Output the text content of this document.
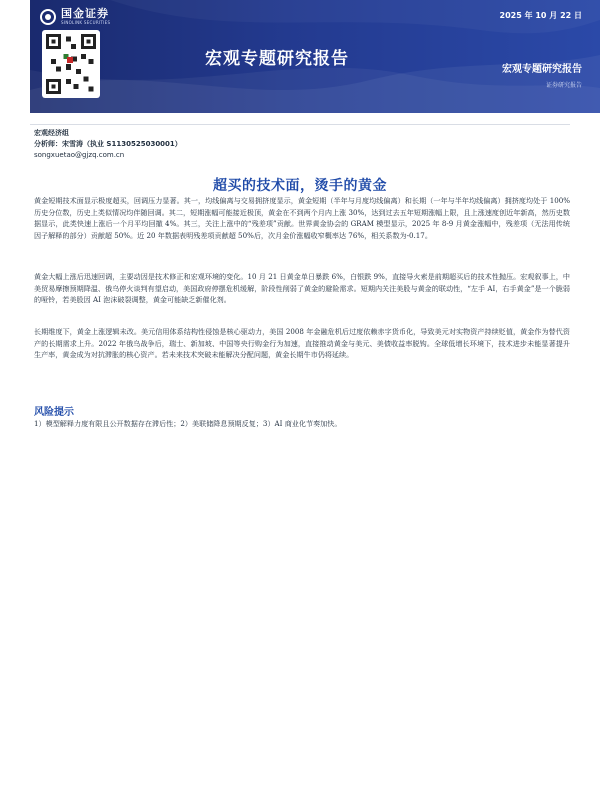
国金证券
SINOLINK SECURITIES
2025 年 10 月 22 日
宏观专题研究报告
宏观专题研究报告
证券研究报告
宏观经济组
分析师：宋雪涛（执业 S1130525030001）
songxuetao@gjzq.com.cn
超买的技术面，烫手的黄金

黄金短期技术面显示极度超买，回调压力显著。其一，均线偏离与交易拥挤度显示，黄金短期（半年与月度均线偏离）和长期（一年与半年均线偏离）拥挤度均处于 100%历史分位数，历史上类似情况均伴随回调。其二，短期涨幅可能接近极顶，黄金在不到两个月内上涨 30%，达到过去五年短期涨幅上限，且上涨速度创近年新高，然历史数据显示，此类快速上涨后一个月平均回撤 4%。其三，关注上涨中的“残差项”贡献。世界黄金协会的 GRAM 模型显示，2025 年 8-9 月黄金涨幅中，残差项（无法用传统因子解释的部分）贡献超 50%。近 20 年数据表明残差项贡献超 50%后，次月金价涨幅收窄概率达 76%，相关系数为-0.17。

黄金大幅上涨后迅速回调，主要动因是技术修正和宏观环境的变化。10 月 21 日黄金单日暴跌 6%，白银跌 9%，直接导火索是前期超买后的技术性抛压。宏观叙事上，中美贸易摩擦预期降温、俄乌停火谈判有望启动，美国政府停摆危机缓解，阶段性削弱了黄金的避险需求。短期内关注美股与黄金的联动性，“左手 AI，右手黄金”是一个脆弱的哑铃，若美股因 AI 泡沫破裂调整，黄金可能缺乏新催化剂。

长期维度下，黄金上涨逻辑未改。美元信用体系结构性侵蚀是核心驱动力，美国 2008 年金融危机后过度依赖赤字货币化，导致美元对实物资产持续贬值，黄金作为替代资产的长期需求上升。2022 年俄乌战争后，瑞士、新加坡、中国等央行购金行为加速，直接推动黄金与美元、美债收益率脱钩。全球低增长环境下，技术进步未能显著提升生产率，黄金成为对抗滞胀的核心资产。若未来技术突破未能解决分配问题，黄金长期牛市仍将延续。

风险提示
1）模型解释力度有限且公开数据存在滞后性；2）美联储降息预期反复；3）AI 商业化节奏加快。
